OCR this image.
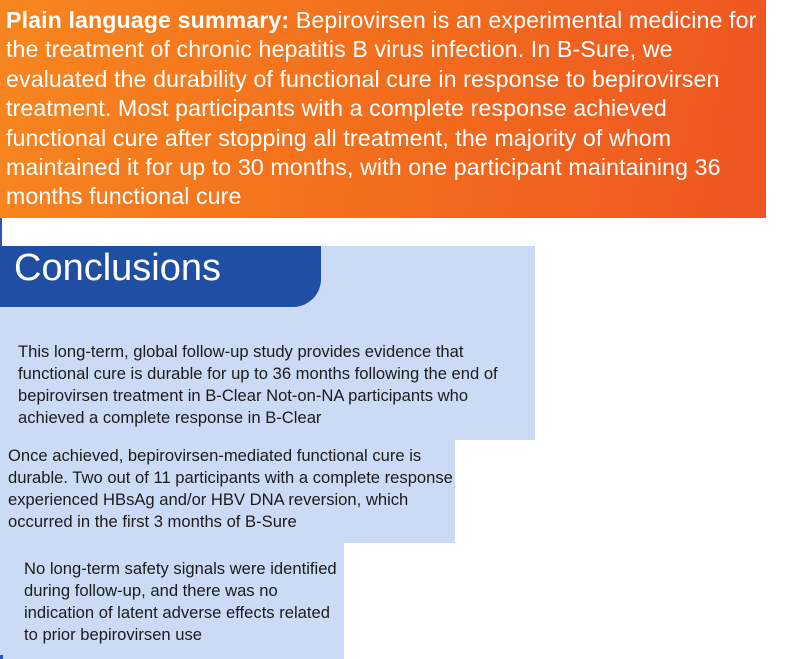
Plain language summary: Bepirovirsen is an experimental medicine for the treatment of chronic hepatitis B virus infection. In B-Sure, we evaluated the durability of functional cure in response to bepirovirsen treatment. Most participants with a complete response achieved functional cure after stopping all treatment, the majority of whom maintained it for up to 30 months, with one participant maintaining 36 months functional cure
Conclusions
This long-term, global follow-up study provides evidence that functional cure is durable for up to 36 months following the end of bepirovirsen treatment in B-Clear Not-on-NA participants who achieved a complete response in B-Clear
Once achieved, bepirovirsen-mediated functional cure is durable. Two out of 11 participants with a complete response experienced HBsAg and/or HBV DNA reversion, which occurred in the first 3 months of B-Sure
No long-term safety signals were identified during follow-up, and there was no indication of latent adverse effects related to prior bepirovirsen use
